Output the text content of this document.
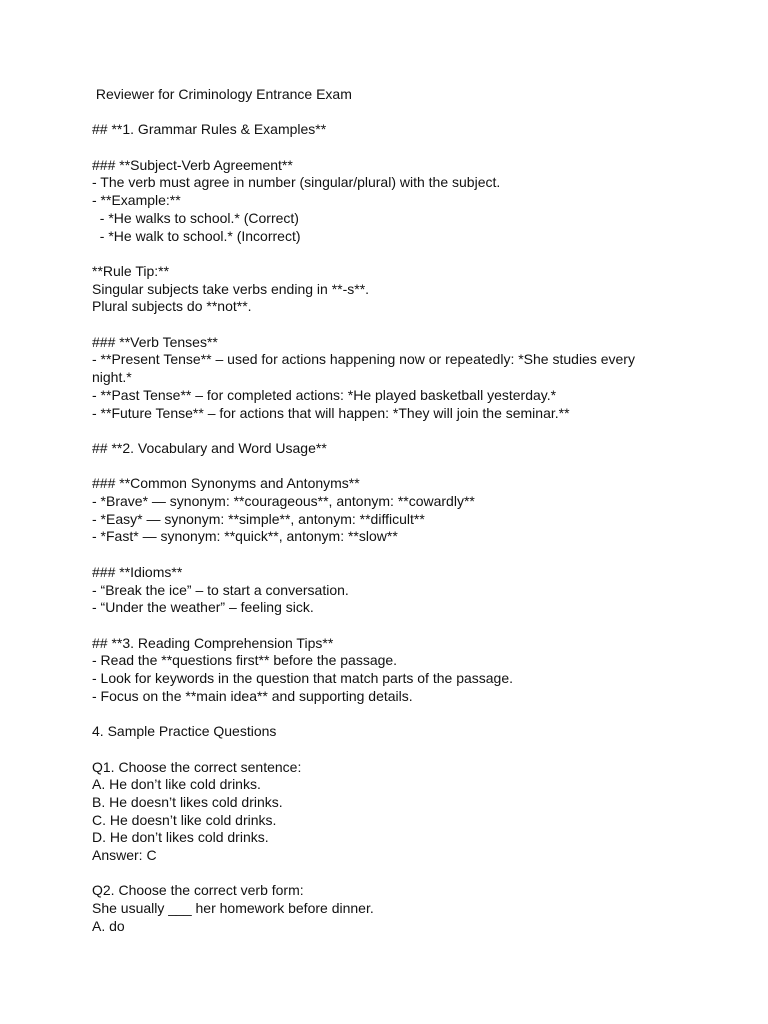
Reviewer for Criminology Entrance Exam

## **1. Grammar Rules & Examples**

### **Subject-Verb Agreement**

- The verb must agree in number (singular/plural) with the subject.

- **Example:**

- *He walks to school.* (Correct)

- *He walk to school.* (Incorrect)

**Rule Tip:**

Singular subjects take verbs ending in **-s**.

Plural subjects do **not**.

### **Verb Tenses**

- **Present Tense** – used for actions happening now or repeatedly: *She studies every

night.*

- **Past Tense** – for completed actions: *He played basketball yesterday.*

- **Future Tense** – for actions that will happen: *They will join the seminar.**

## **2. Vocabulary and Word Usage**

### **Common Synonyms and Antonyms**

- *Brave* — synonym: **courageous**, antonym: **cowardly**

- *Easy* — synonym: **simple**, antonym: **difficult**

- *Fast* — synonym: **quick**, antonym: **slow**

### **Idioms**

- “Break the ice” – to start a conversation.

- “Under the weather” – feeling sick.

## **3. Reading Comprehension Tips**

- Read the **questions first** before the passage.

- Look for keywords in the question that match parts of the passage.

- Focus on the **main idea** and supporting details.

4. Sample Practice Questions

Q1. Choose the correct sentence:

A. He don’t like cold drinks.

B. He doesn’t likes cold drinks.

C. He doesn’t like cold drinks.

D. He don’t likes cold drinks.

Answer: C

Q2. Choose the correct verb form:

She usually ___ her homework before dinner.

A. do
